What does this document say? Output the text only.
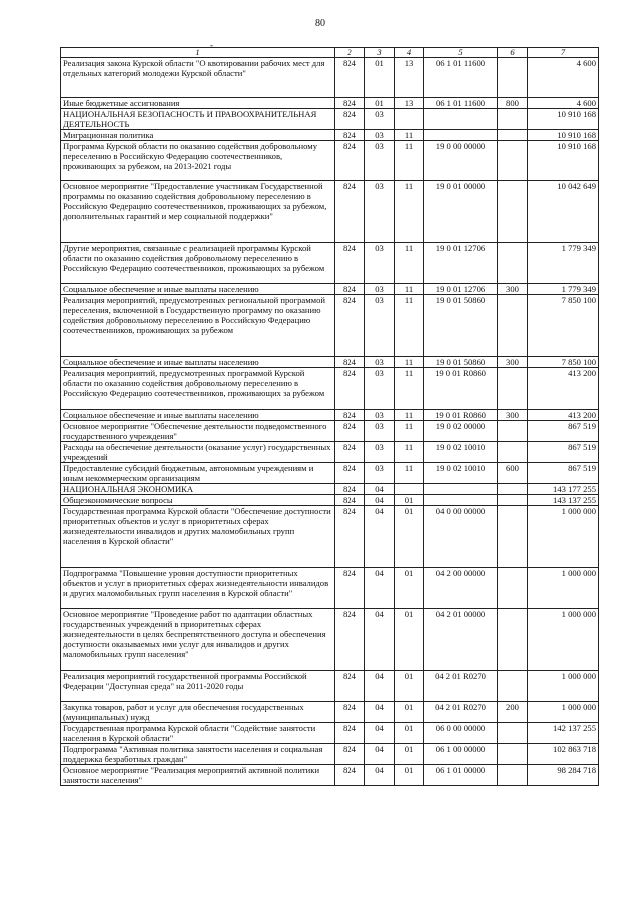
80
-
1	2	3	4	5	6	7
Реализация закона Курской области "О квотировании рабочих мест для отдельных категорий молодежи Курской области"	824	01	13	06 1 01 11600		4 600
Иные бюджетные ассигнования	824	01	13	06 1 01 11600	800	4 600
НАЦИОНАЛЬНАЯ БЕЗОПАСНОСТЬ И ПРАВООХРАНИТЕЛЬНАЯ ДЕЯТЕЛЬНОСТЬ	824	03				10 910 168
Миграционная политика	824	03	11			10 910 168
Программа Курской области по оказанию содействия добровольному переселению в Российскую Федерацию соотечественников, проживающих за рубежом, на 2013-2021 годы	824	03	11	19 0 00 00000		10 910 168
Основное мероприятие "Предоставление участникам Государственной программы по оказанию содействия добровольному переселению в Российскую Федерацию соотечественников, проживающих за рубежом, дополнительных гарантий и мер социальной поддержки"	824	03	11	19 0 01 00000		10 042 649
Другие мероприятия, связанные с реализацией программы Курской области по оказанию содействия добровольному переселению в Российскую Федерацию соотечественников, проживающих за рубежом	824	03	11	19 0 01 12706		1 779 349
Социальное обеспечение и иные выплаты населению	824	03	11	19 0 01 12706	300	1 779 349
Реализация мероприятий, предусмотренных региональной программой переселения, включенной в Государственную программу по оказанию содействия добровольному переселению в Российскую Федерацию соотечественников, проживающих за рубежом	824	03	11	19 0 01 50860		7 850 100
Социальное обеспечение и иные выплаты населению	824	03	11	19 0 01 50860	300	7 850 100
Реализация мероприятий, предусмотренных программой Курской области по оказанию содействия добровольному переселению в Российскую Федерацию соотечественников, проживающих за рубежом	824	03	11	19 0 01 R0860		413 200
Социальное обеспечение и иные выплаты населению	824	03	11	19 0 01 R0860	300	413 200
Основное мероприятие "Обеспечение деятельности подведомственного государственного учреждения"	824	03	11	19 0 02 00000		867 519
Расходы на обеспечение деятельности (оказание услуг) государственных учреждений	824	03	11	19 0 02 10010		867 519
Предоставление субсидий бюджетным, автономным учреждениям и иным некоммерческим организациям	824	03	11	19 0 02 10010	600	867 519
НАЦИОНАЛЬНАЯ ЭКОНОМИКА	824	04				143 177 255
Общеэкономические вопросы	824	04	01			143 137 255
Государственная программа Курской области "Обеспечение доступности приоритетных объектов и услуг в приоритетных сферах жизнедеятельности инвалидов и других маломобильных групп населения в Курской области"	824	04	01	04 0 00 00000		1 000 000
Подпрограмма "Повышение уровня доступности приоритетных объектов и услуг в приоритетных сферах жизнедеятельности инвалидов и других маломобильных групп населения в Курской области"	824	04	01	04 2 00 00000		1 000 000
Основное мероприятие "Проведение работ по адаптации областных государственных учреждений в приоритетных сферах жизнедеятельности в целях беспрепятственного доступа и обеспечения доступности оказываемых ими услуг для инвалидов и других маломобильных групп населения"	824	04	01	04 2 01 00000		1 000 000
Реализация мероприятий государственной программы Российской Федерации "Доступная среда" на 2011-2020 годы	824	04	01	04 2 01 R0270		1 000 000
Закупка товаров, работ и услуг для обеспечения государственных (муниципальных) нужд	824	04	01	04 2 01 R0270	200	1 000 000
Государственная программа Курской области "Содействие занятости населения в Курской области"	824	04	01	06 0 00 00000		142 137 255
Подпрограмма "Активная политика занятости населения и социальная поддержка безработных граждан"	824	04	01	06 1 00 00000		102 863 718
Основное мероприятие "Реализация мероприятий активной политики занятости населения"	824	04	01	06 1 01 00000		98 284 718
